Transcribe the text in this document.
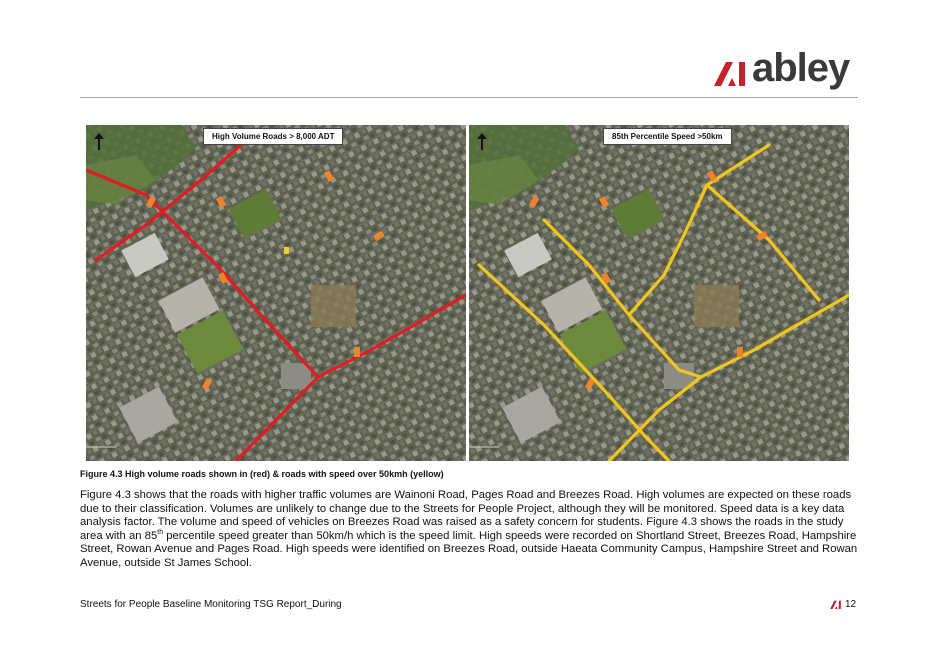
abley
High Volume Roads > 8,000 ADT	85th Percentile Speed >50km
Figure 4.3 High volume roads shown in (red) & roads with speed over 50kmh (yellow)

Figure 4.3 shows that the roads with higher traffic volumes are Wainoni Road, Pages Road and Breezes Road. High volumes are expected on these roads due to their classification. Volumes are unlikely to change due to the Streets for People Project, although they will be monitored. Speed data is a key data analysis factor. The volume and speed of vehicles on Breezes Road was raised as a safety concern for students. Figure 4.3 shows the roads in the study area with an 85th percentile speed greater than 50km/h which is the speed limit. High speeds were recorded on Shortland Street, Breezes Road, Hampshire Street, Rowan Avenue and Pages Road. High speeds were identified on Breezes Road, outside Haeata Community Campus, Hampshire Street and Rowan Avenue, outside St James School.

Streets for People Baseline Monitoring TSG Report_During	12
